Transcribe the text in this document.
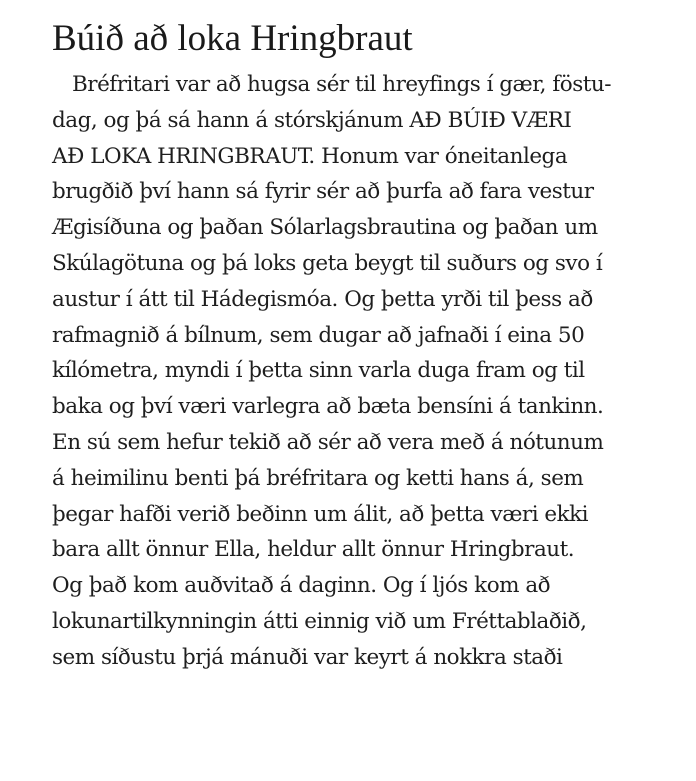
Búið að loka Hringbraut
Bréfritari var að hugsa sér til hreyfings í gær, föstu-
dag, og þá sá hann á stórskjánum AÐ BÚIÐ VÆRI
AÐ LOKA HRINGBRAUT. Honum var óneitanlega
brugðið því hann sá fyrir sér að þurfa að fara vestur
Ægisíðuna og þaðan Sólarlagsbrautina og þaðan um
Skúlagötuna og þá loks geta beygt til suðurs og svo í
austur í átt til Hádegismóa. Og þetta yrði til þess að
rafmagnið á bílnum, sem dugar að jafnaði í eina 50
kílómetra, myndi í þetta sinn varla duga fram og til
baka og því væri varlegra að bæta bensíni á tankinn.
En sú sem hefur tekið að sér að vera með á nótunum
á heimilinu benti þá bréfritara og ketti hans á, sem
þegar hafði verið beðinn um álit, að þetta væri ekki
bara allt önnur Ella, heldur allt önnur Hringbraut.
Og það kom auðvitað á daginn. Og í ljós kom að
lokunartilkynningin átti einnig við um Fréttablaðið,
sem síðustu þrjá mánuði var keyrt á nokkra staði
